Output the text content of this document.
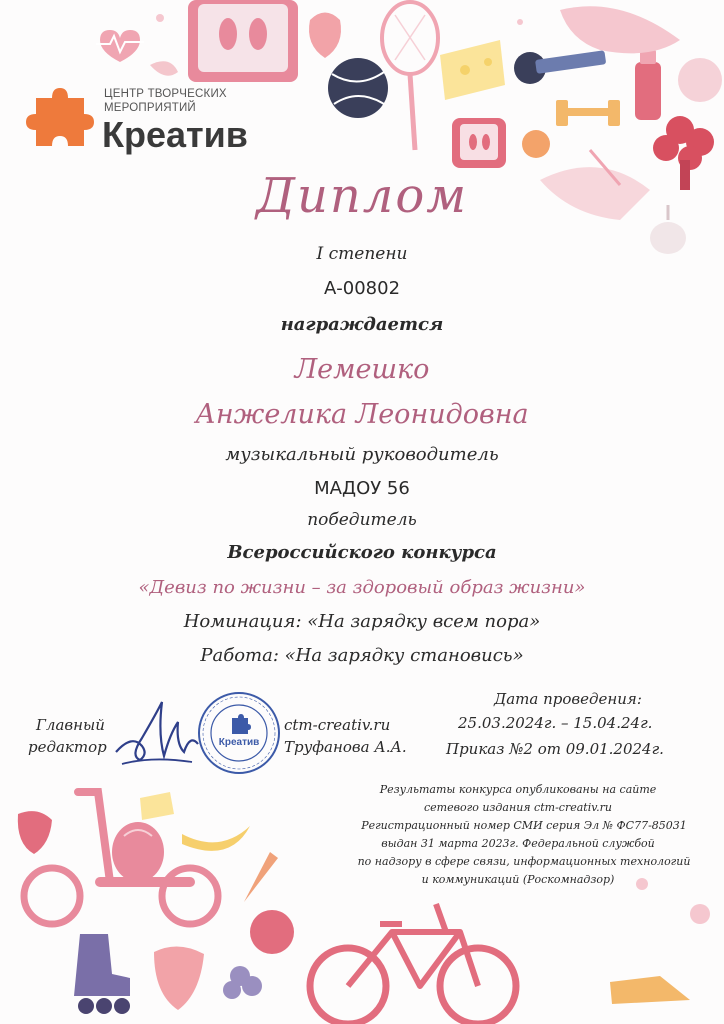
ЦЕНТР ТВОРЧЕСКИХ
МЕРОПРИЯТИЙ
Креатив
Диплом
I степени
А-00802
награждается
Лемешко
Анжелика Леонидовна
музыкальный руководитель
МАДОУ 56
победитель
Всероссийского конкурса
«Девиз по жизни – за здоровый образ жизни»
Номинация: «На зарядку всем пора»
Работа: «На зарядку становись»
Главный
редактор	Креатив
ctm-creativ.ru
Труфанова А.А.
Дата проведения:
25.03.2024г. – 15.04.24г.
Приказ №2 от 09.01.2024г.
Результаты конкурса опубликованы на сайте
сетевого издания ctm-creativ.ru
Регистрационный номер СМИ серия Эл № ФС77-85031
выдан 31 марта 2023г. Федеральной службой
по надзору в сфере связи, информационных технологий
и коммуникаций (Роскомнадзор)
